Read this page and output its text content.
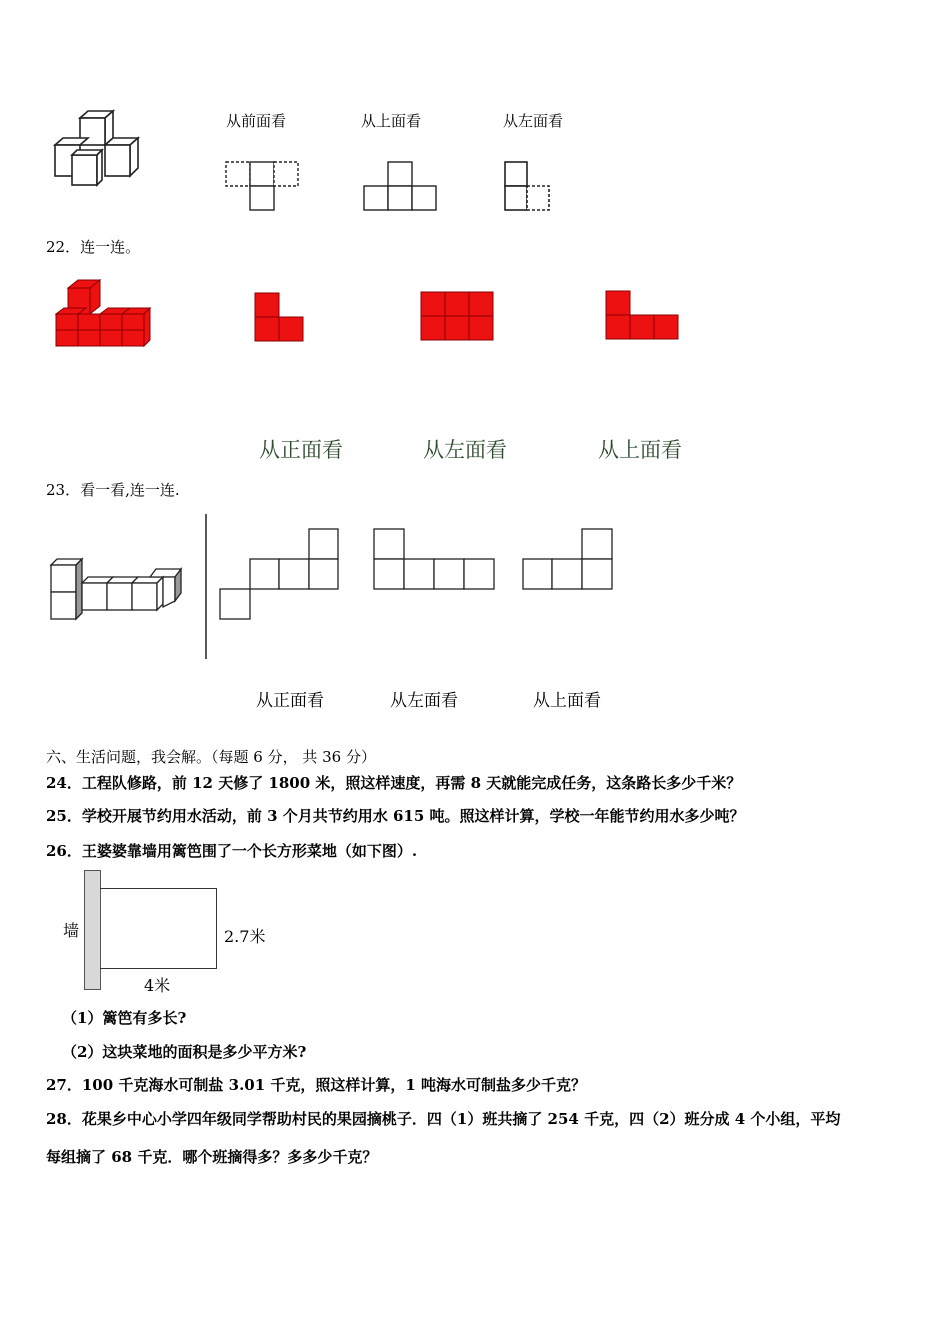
从前面看	从上面看	从左面看
22．连一连。
从正面看	从左面看	从上面看
23．看一看,连一连.
从正面看	从左面看	从上面看
六、生活问题，我会解。（每题 6 分， 共 36 分）
24．工程队修路，前 12 天修了 1800 米，照这样速度，再需 8 天就能完成任务，这条路长多少千米？
25．学校开展节约用水活动，前 3 个月共节约用水 615 吨。照这样计算，学校一年能节约用水多少吨？
26．王婆婆靠墙用篱笆围了一个长方形菜地（如下图）.
墙	2.7米
4米
（1）篱笆有多长?
（2）这块菜地的面积是多少平方米?
27．100 千克海水可制盐 3.01 千克，照这样计算，1 吨海水可制盐多少千克？
28．花果乡中心小学四年级同学帮助村民的果园摘桃子．四（1）班共摘了 254 千克，四（2）班分成 4 个小组，平均
每组摘了 68 千克．哪个班摘得多？多多少千克？
